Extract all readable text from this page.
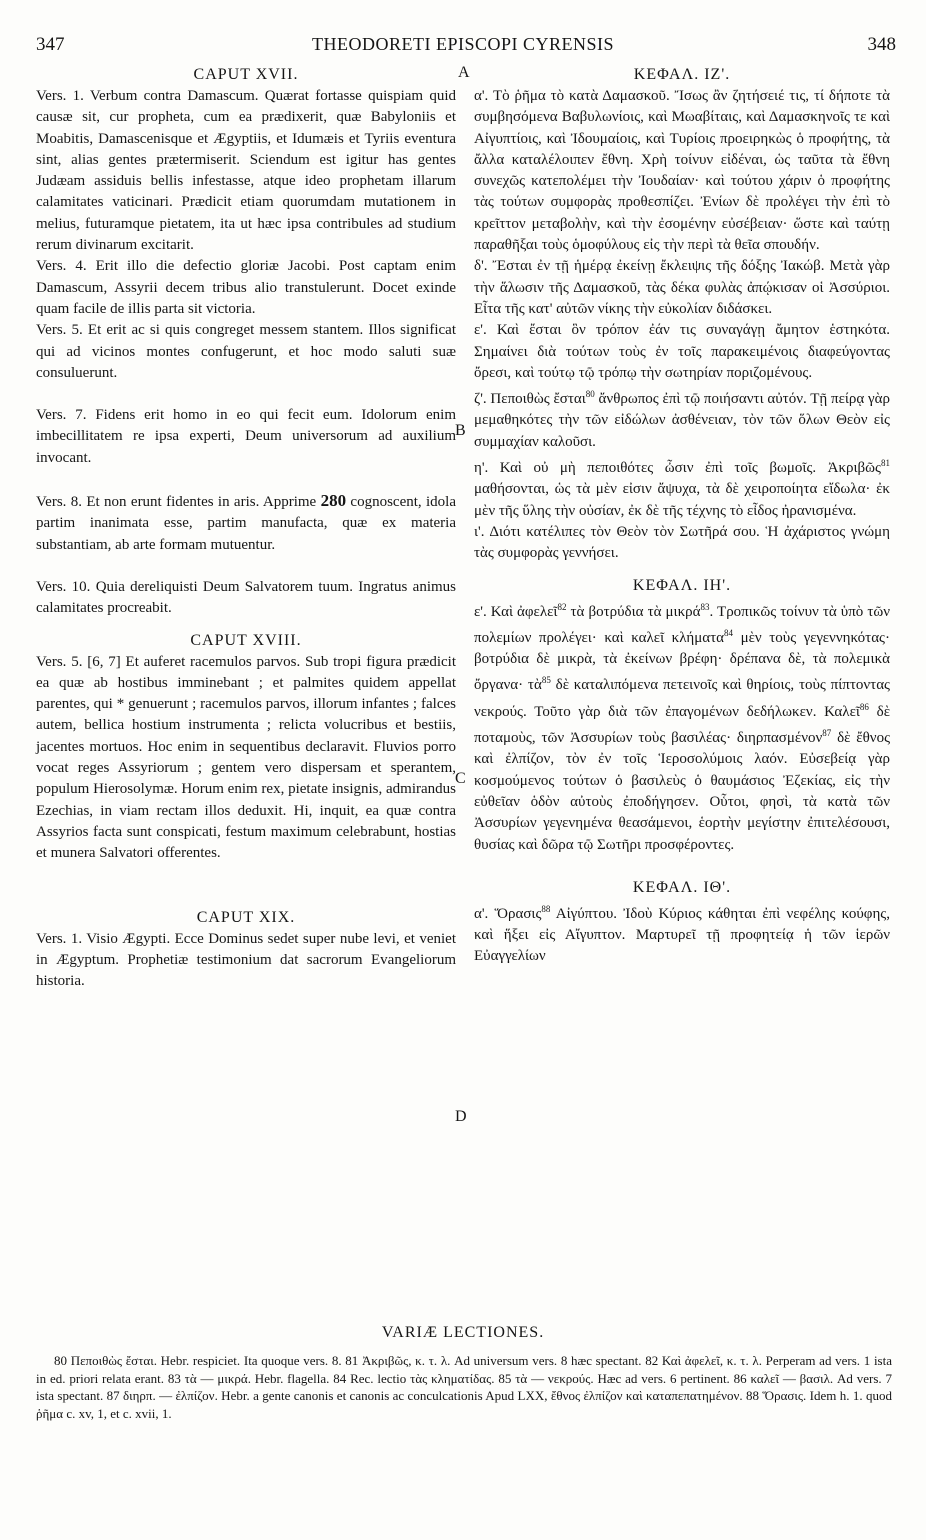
347	THEODORETI EPISCOPI CYRENSIS	348
A
B
C
D
CAPUT XVII.

Vers. 1. Verbum contra Damascum. Quærat fortasse quispiam quid causæ sit, cur propheta, cum ea prædixerit, quæ Babyloniis et Moabitis, Damascenisque et Ægyptiis, et Idumæis et Tyriis eventura sint, alias gentes prætermiserit. Sciendum est igitur has gentes Judæam assiduis bellis infestasse, atque ideo prophetam illarum calamitates vaticinari. Prædicit etiam quorumdam mutationem in melius, futuramque pietatem, ita ut hæc ipsa contribules ad studium rerum divinarum excitarit.

Vers. 4. Erit illo die defectio gloriæ Jacobi. Post captam enim Damascum, Assyrii decem tribus alio transtulerunt. Docet exinde quam facile de illis parta sit victoria.

Vers. 5. Et erit ac si quis congreget messem stantem. Illos significat qui ad vicinos montes confugerunt, et hoc modo saluti suæ consuluerunt.

Vers. 7. Fidens erit homo in eo qui fecit eum. Idolorum enim imbecillitatem re ipsa experti, Deum universorum ad auxilium invocant.

Vers. 8. Et non erunt fidentes in aris. Apprime 280 cognoscent, idola partim inanimata esse, partim manufacta, quæ ex materia substantiam, ab arte formam mutuentur.

Vers. 10. Quia dereliquisti Deum Salvatorem tuum. Ingratus animus calamitates procreabit.

CAPUT XVIII.

Vers. 5. [6, 7] Et auferet racemulos parvos. Sub tropi figura prædicit ea quæ ab hostibus imminebant ; et palmites quidem appellat parentes, qui * genuerunt ; racemulos parvos, illorum infantes ; falces autem, bellica hostium instrumenta ; relicta volucribus et bestiis, jacentes mortuos. Hoc enim in sequentibus declaravit. Fluvios porro vocat reges Assyriorum ; gentem vero dispersam et sperantem, populum Hierosolymæ. Horum enim rex, pietate insignis, admirandus Ezechias, in viam rectam illos deduxit. Hi, inquit, ea quæ contra Assyrios facta sunt conspicati, festum maximum celebrabunt, hostias et munera Salvatori offerentes.

CAPUT XIX.

Vers. 1. Visio Ægypti. Ecce Dominus sedet super nube levi, et veniet in Ægyptum. Prophetiæ testimonium dat sacrorum Evangeliorum historia.

ΚΕΦΑΛ. ΙΖ'.

α'. Τὸ ῥῆμα τὸ κατὰ Δαμασκοῦ. Ἴσως ἂν ζητήσειέ τις, τί δήποτε τὰ συμβησόμενα Βαβυλωνίοις, καὶ Μωαβίταις, καὶ Δαμασκηνοῖς τε καὶ Αἰγυπτίοις, καὶ Ἰδουμαίοις, καὶ Τυρίοις προειρηκὼς ὁ προφήτης, τὰ ἄλλα καταλέλοιπεν ἔθνη. Χρὴ τοίνυν εἰδέναι, ὡς ταῦτα τὰ ἔθνη συνεχῶς κατεπολέμει τὴν Ἰουδαίαν· καὶ τούτου χάριν ὁ προφήτης τὰς τούτων συμφορὰς προθεσπίζει. Ἐνίων δὲ προλέγει τὴν ἐπὶ τὸ κρεῖττον μεταβολὴν, καὶ τὴν ἐσομένην εὐσέβειαν· ὥστε καὶ ταύτῃ παραθῆξαι τοὺς ὁμοφύλους εἰς τὴν περὶ τὰ θεῖα σπουδήν.

δ'. Ἔσται ἐν τῇ ἡμέρᾳ ἐκείνῃ ἔκλειψις τῆς δόξης Ἰακώβ. Μετὰ γὰρ τὴν ἅλωσιν τῆς Δαμασκοῦ, τὰς δέκα φυλὰς ἀπῴκισαν οἱ Ἀσσύριοι. Εἶτα τῆς κατ' αὐτῶν νίκης τὴν εὐκολίαν διδάσκει.

ε'. Καὶ ἔσται ὃν τρόπον ἐάν τις συναγάγῃ ἄμητον ἑστηκότα. Σημαίνει διὰ τούτων τοὺς ἐν τοῖς παρακειμένοις διαφεύγοντας ὄρεσι, καὶ τούτῳ τῷ τρόπῳ τὴν σωτηρίαν ποριζομένους.

ζ'. Πεποιθὼς ἔσται$^{80}$ ἄνθρωπος ἐπὶ τῷ ποιήσαντι αὐτόν. Τῇ πείρᾳ γὰρ μεμαθηκότες τὴν τῶν εἰδώλων ἀσθένειαν, τὸν τῶν ὅλων Θεὸν εἰς συμμαχίαν καλοῦσι.

η'. Καὶ οὐ μὴ πεποιθότες ὦσιν ἐπὶ τοῖς βωμοῖς. Ἀκριβῶς$^{81}$ μαθήσονται, ὡς τὰ μὲν εἰσιν ἄψυχα, τὰ δὲ χειροποίητα εἴδωλα· ἐκ μὲν τῆς ὕλης τὴν οὐσίαν, ἐκ δὲ τῆς τέχνης τὸ εἶδος ἠρανισμένα.

ι'. Διότι κατέλιπες τὸν Θεὸν τὸν Σωτῆρά σου. Ἡ ἀχάριστος γνώμη τὰς συμφορὰς γεννήσει.

ΚΕΦΑΛ. ΙΗ'.

ε'. Καὶ ἀφελεῖ$^{82}$ τὰ βοτρύδια τὰ μικρά$^{83}$. Τροπικῶς τοίνυν τὰ ὑπὸ τῶν πολεμίων προλέγει· καὶ καλεῖ κλήματα$^{84}$ μὲν τοὺς γεγεννηκότας· βοτρύδια δὲ μικρὰ, τὰ ἐκείνων βρέφη· δρέπανα δὲ, τὰ πολεμικὰ ὄργανα· τὰ$^{85}$ δὲ καταλιπόμενα πετεινοῖς καὶ θηρίοις, τοὺς πίπτοντας νεκρούς. Τοῦτο γὰρ διὰ τῶν ἐπαγομένων δεδήλωκεν. Καλεῖ$^{86}$ δὲ ποταμοὺς, τῶν Ἀσσυρίων τοὺς βασιλέας· διηρπασμένον$^{87}$ δὲ ἔθνος καὶ ἐλπίζον, τὸν ἐν τοῖς Ἱεροσολύμοις λαόν. Εὐσεβείᾳ γὰρ κοσμούμενος τούτων ὁ βασιλεὺς ὁ θαυμάσιος Ἐζεκίας, εἰς τὴν εὐθεῖαν ὁδὸν αὐτοὺς ἐποδήγησεν. Οὗτοι, φησὶ, τὰ κατὰ τῶν Ἀσσυρίων γεγενημένα θεασάμενοι, ἑορτὴν μεγίστην ἐπιτελέσουσι, θυσίας καὶ δῶρα τῷ Σωτῆρι προσφέροντες.

ΚΕΦΑΛ. ΙΘ'.

α'. Ὅρασις$^{88}$ Αἰγύπτου. Ἰδοὺ Κύριος κάθηται ἐπὶ νεφέλης κούφης, καὶ ἥξει εἰς Αἴγυπτον. Μαρτυρεῖ τῇ προφητείᾳ ἡ τῶν ἱερῶν Εὐαγγελίων

VARIÆ LECTIONES.

80 Πεποιθὼς ἔσται. Hebr. respiciet. Ita quoque vers. 8. 81 Ἀκριβῶς, κ. τ. λ. Ad universum vers. 8 hæc spectant. 82 Καὶ ἀφελεῖ, κ. τ. λ. Perperam ad vers. 1 ista in ed. priori relata erant. 83 τὰ — μικρά. Hebr. flagella. 84 Rec. lectio τὰς κληματίδας. 85 τὰ — νεκρούς. Hæc ad vers. 6 pertinent. 86 καλεῖ — βασιλ. Ad vers. 7 ista spectant. 87 διηρπ. — ἐλπίζον. Hebr. a gente canonis et canonis ac conculcationis Apud LXX, ἔθνος ἐλπίζον καὶ καταπεπατημένον. 88 Ὅρασις. Idem h. 1. quod ῥῆμα c. xv, 1, et c. xvii, 1.
